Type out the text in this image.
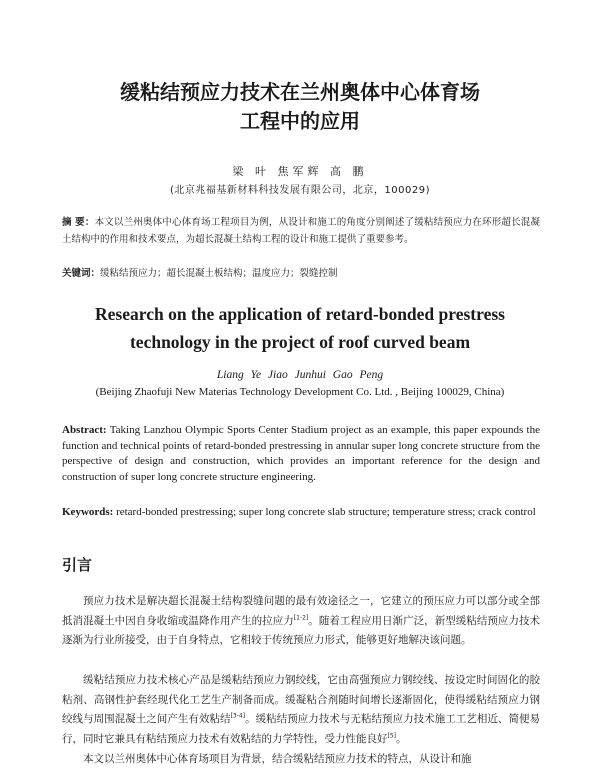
缓粘结预应力技术在兰州奥体中心体育场
工程中的应用
梁 叶 焦军辉 高 鹏
(北京兆福基新材料科技发展有限公司，北京，100029)
摘 要：本文以兰州奥体中心体育场工程项目为例，从设计和施工的角度分别阐述了缓粘结预应力在环形超长混凝土结构中的作用和技术要点，为超长混凝土结构工程的设计和施工提供了重要参考。
关键词：缓粘结预应力；超长混凝土板结构；温度应力；裂缝控制
Research on the application of retard-bonded prestress
technology in the project of roof curved beam
Liang Ye Jiao Junhui Gao Peng
(Beijing Zhaofuji New Materias Technology Development Co. Ltd. , Beijing 100029, China)
Abstract: Taking Lanzhou Olympic Sports Center Stadium project as an example, this paper expounds the function and technical points of retard-bonded prestressing in annular super long concrete structure from the perspective of design and construction, which provides an important reference for the design and construction of super long concrete structure engineering.
Keywords: retard-bonded prestressing; super long concrete slab structure; temperature stress; crack control
引言

预应力技术是解决超长混凝土结构裂缝问题的最有效途径之一，它建立的预压应力可以部分或全部抵消混凝土中因自身收缩或温降作用产生的拉应力[1-2]。随着工程应用日渐广泛，新型缓粘结预应力技术逐渐为行业所接受，由于自身特点，它相较于传统预应力形式，能够更好地解决该问题。

缓粘结预应力技术核心产品是缓粘结预应力钢绞线，它由高强预应力钢绞线、按设定时间固化的胶粘剂、高钢性护套经现代化工艺生产制备而成。缓凝粘合剂随时间增长逐渐固化，使得缓粘结预应力钢绞线与周围混凝土之间产生有效粘结[3-4]。缓粘结预应力技术与无粘结预应力技术施工工艺相近、简便易行，同时它兼具有粘结预应力技术有效粘结的力学特性，受力性能良好[5]。

本文以兰州奥体中心体育场项目为背景，结合缓粘结预应力技术的特点，从设计和施
